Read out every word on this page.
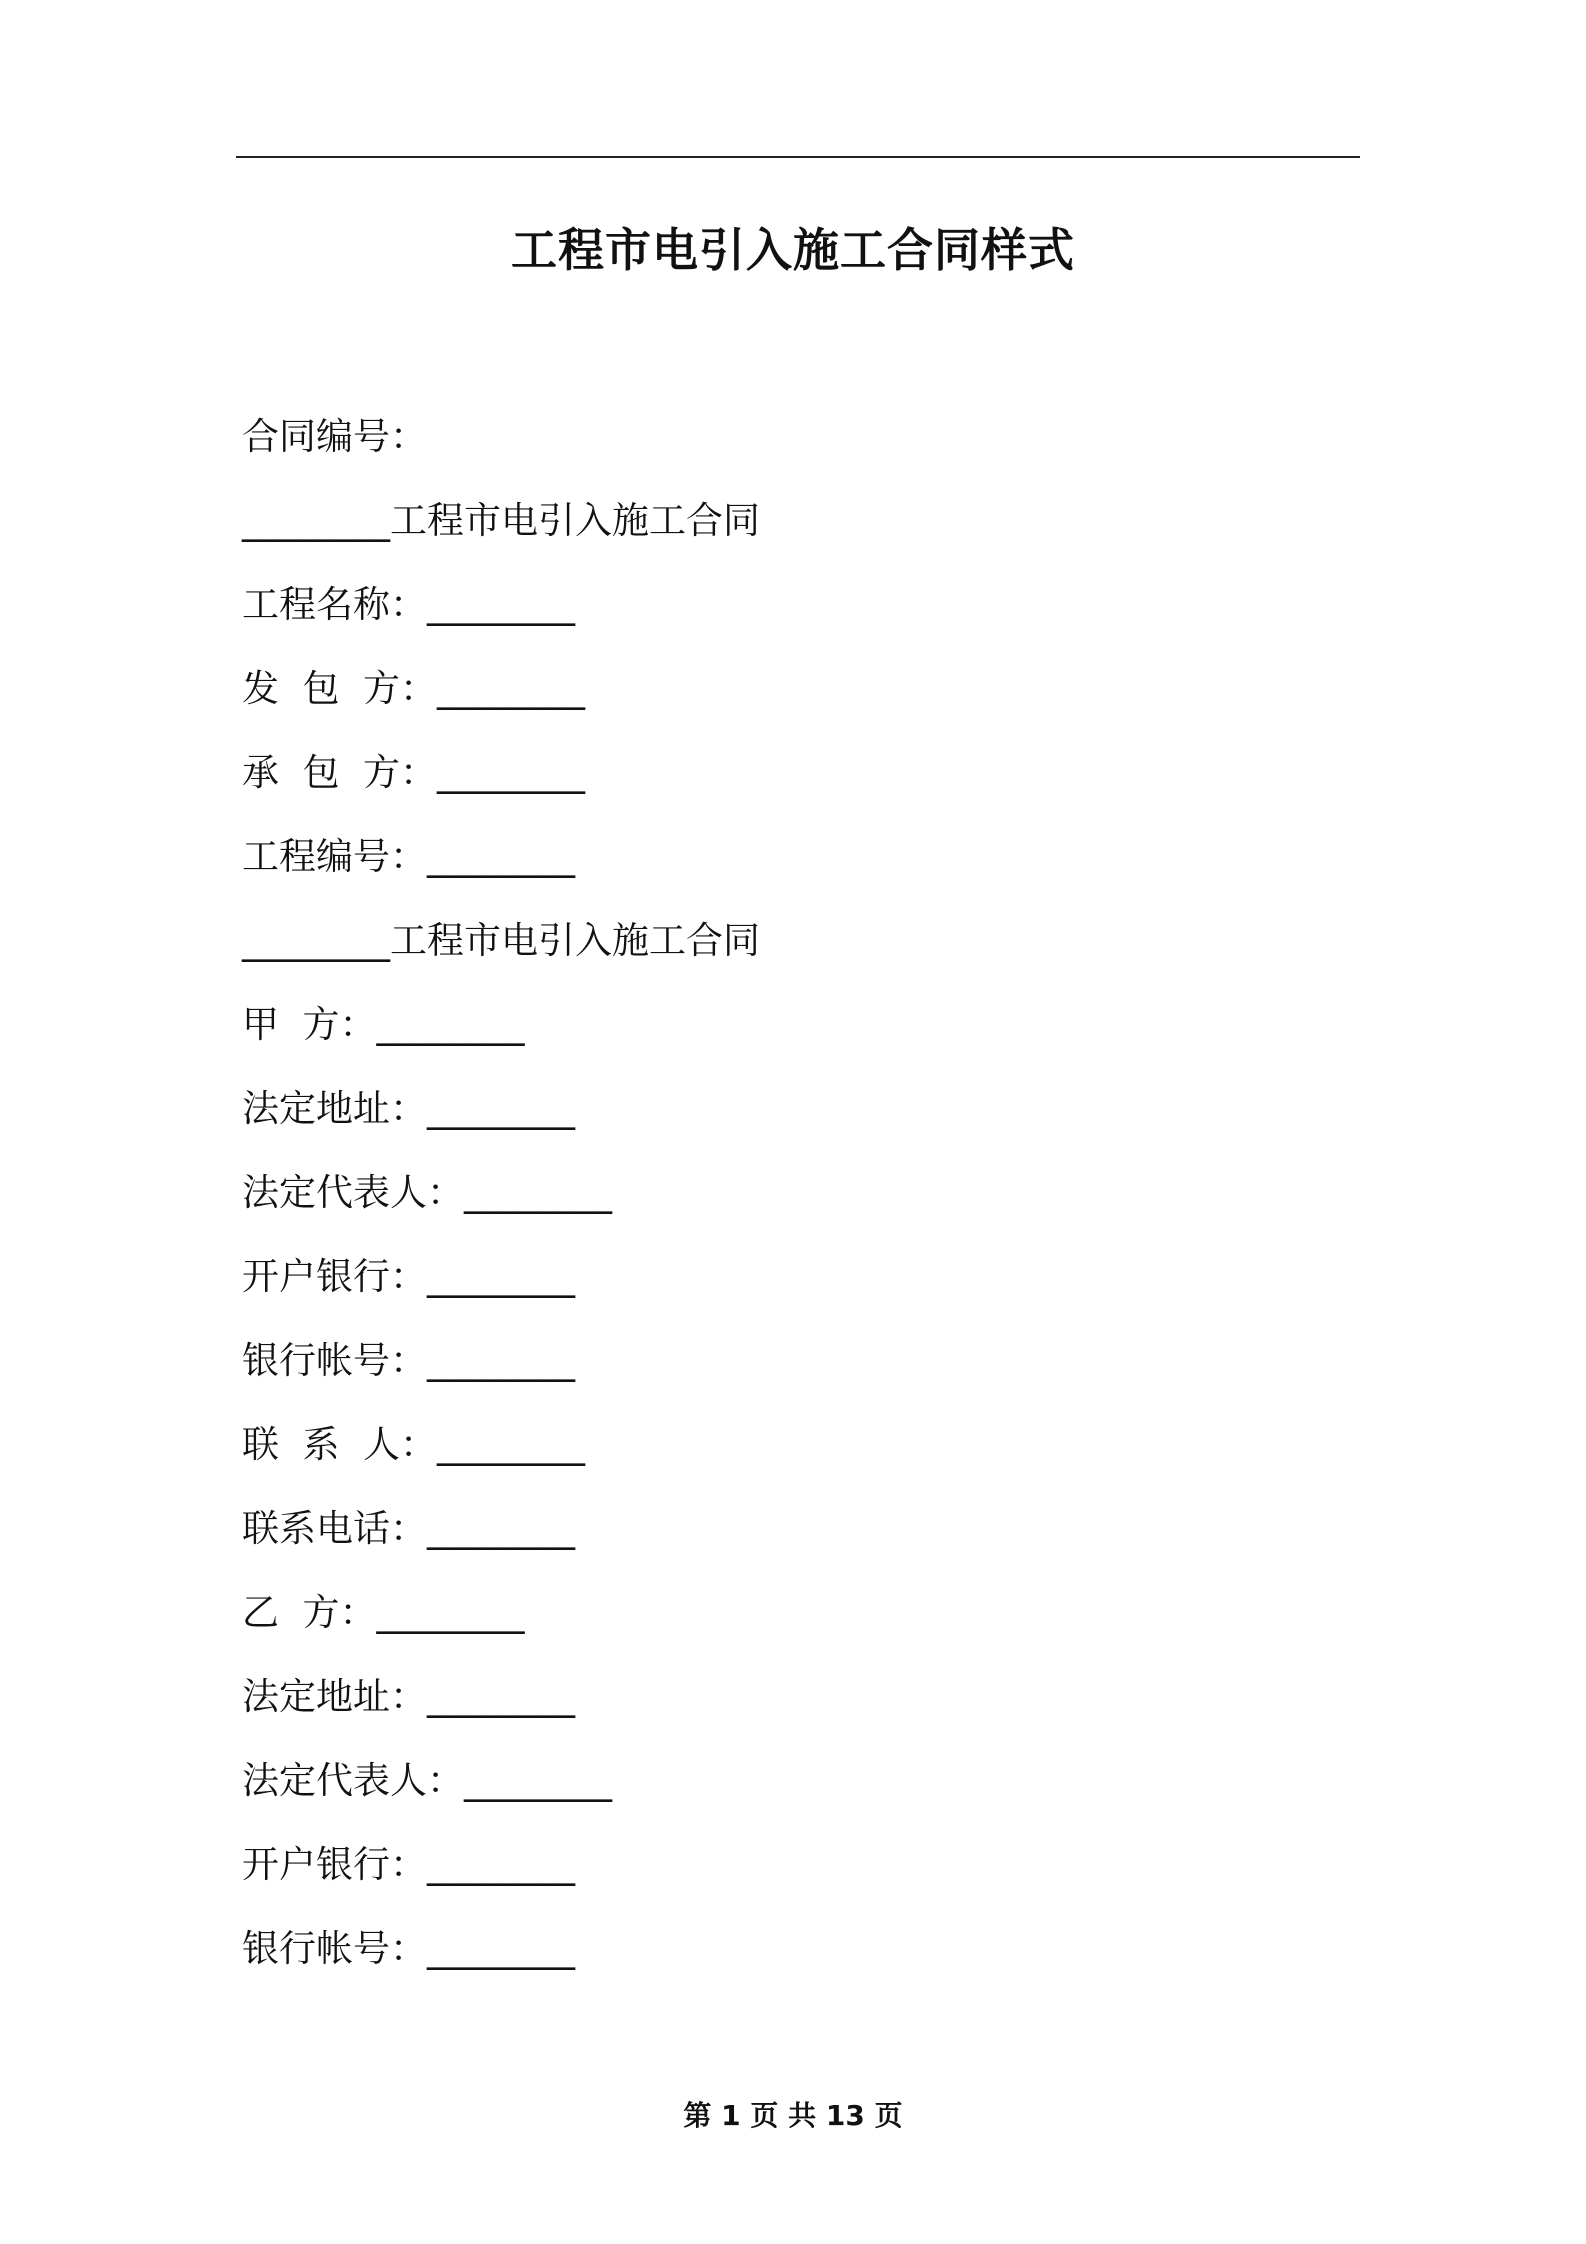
工程市电引入施工合同样式
合同编号：
________工程市电引入施工合同
工程名称：________
发  包  方：________
承  包  方：________
工程编号：________
________工程市电引入施工合同
甲  方：________
法定地址：________
法定代表人：________
开户银行：________
银行帐号：________
联  系  人：________
联系电话：________
乙  方：________
法定地址：________
法定代表人：________
开户银行：________
银行帐号：________
第 1 页 共 13 页
